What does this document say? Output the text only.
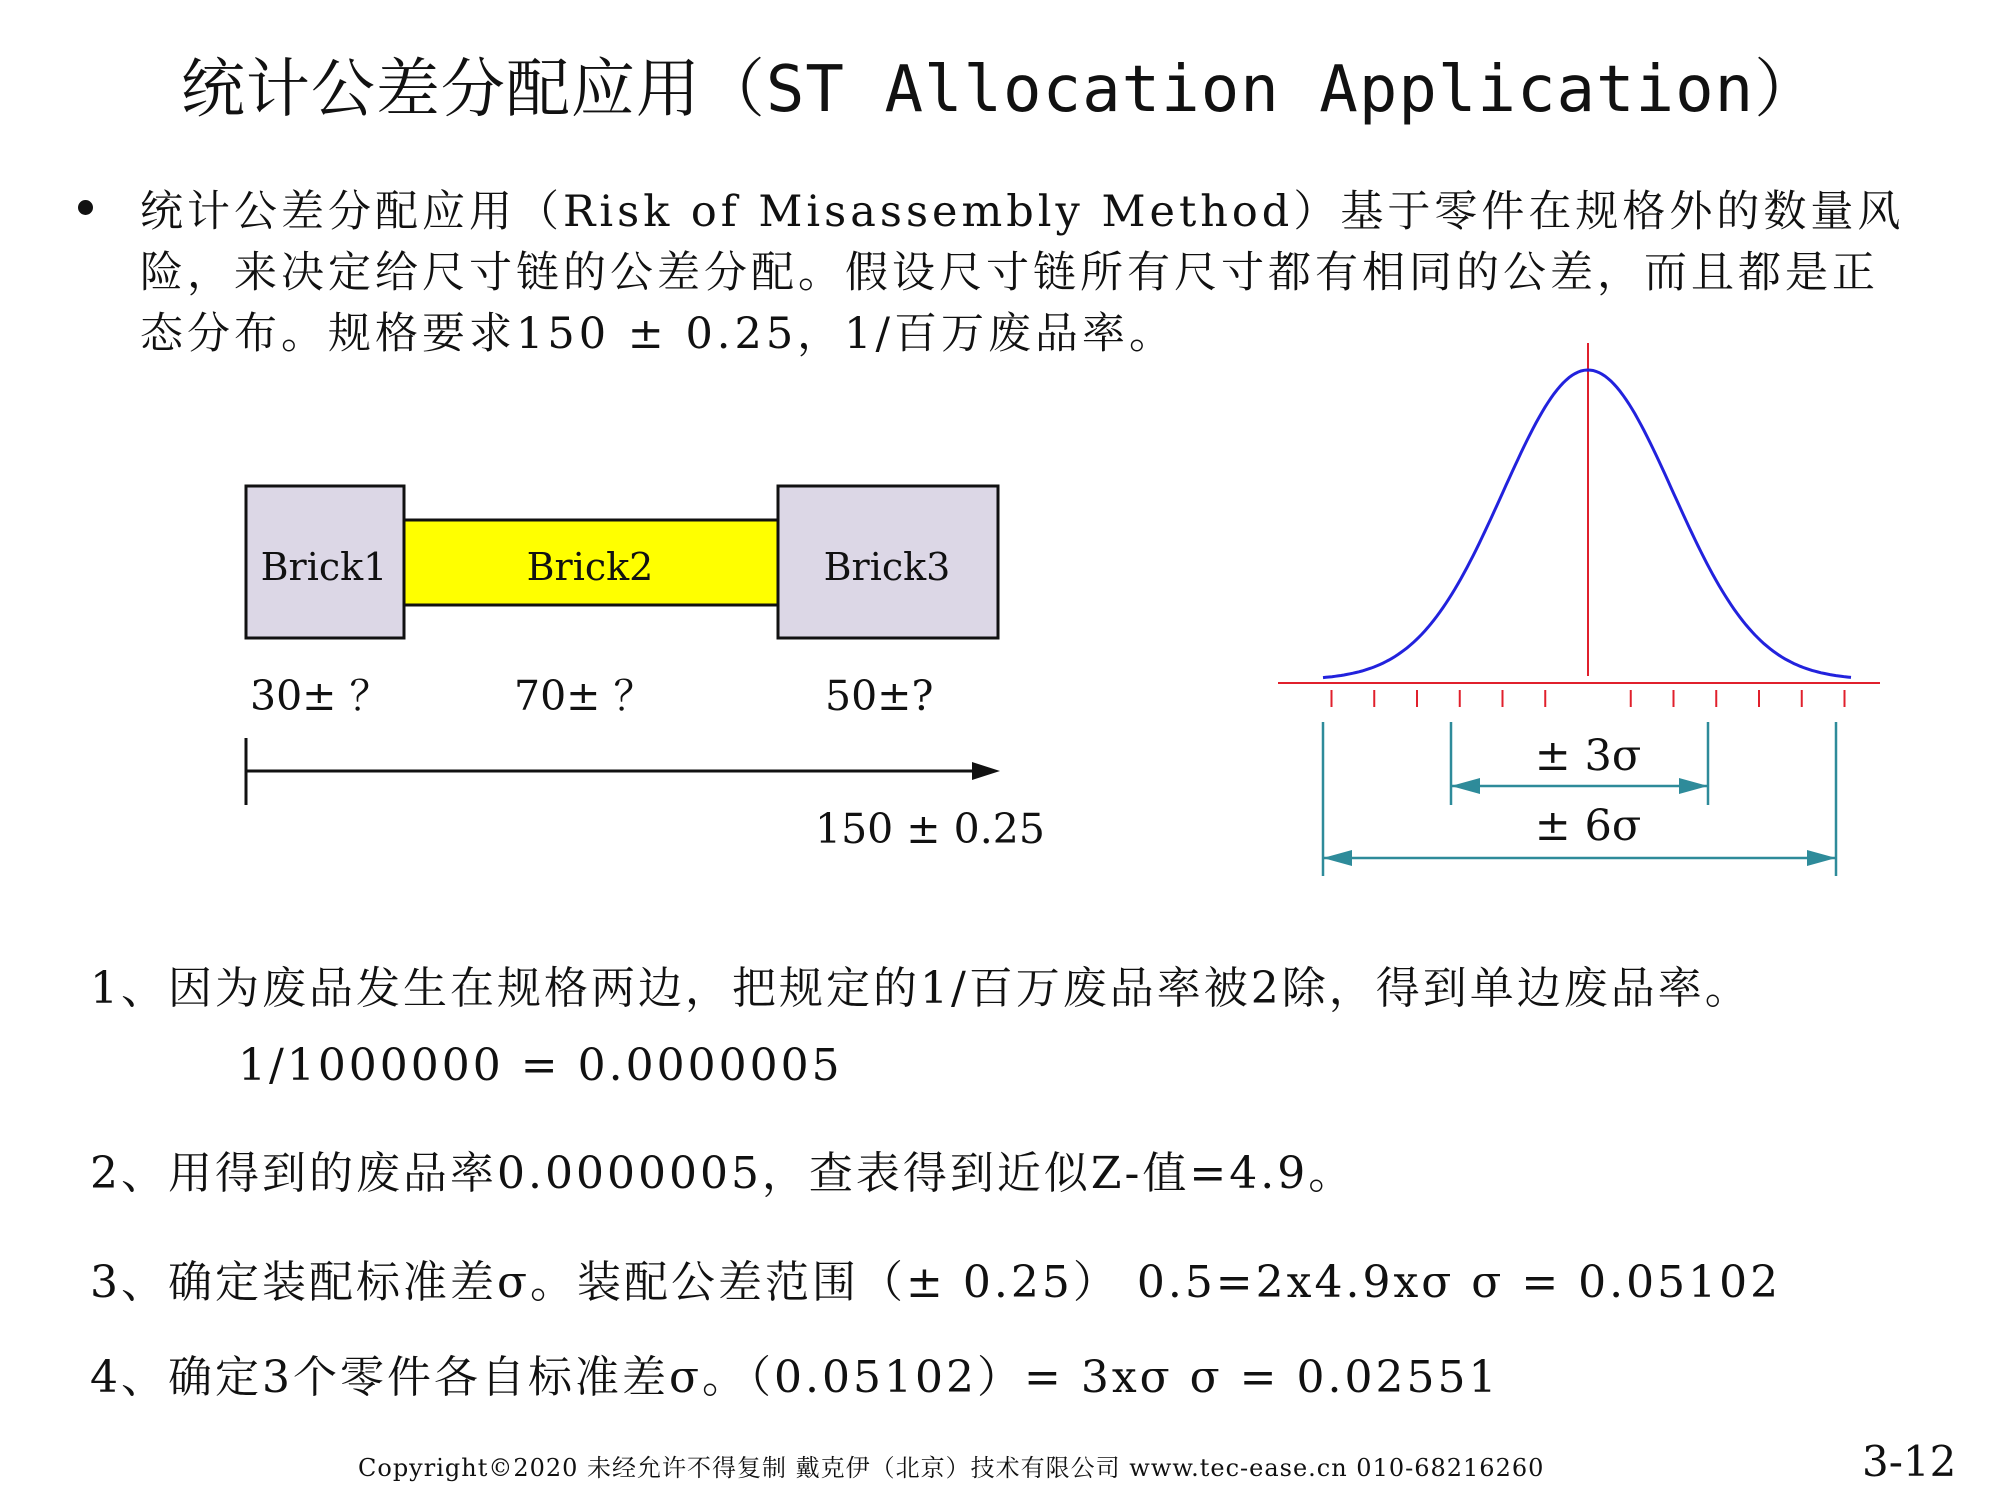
统计公差分配应用（ST Allocation Application）
统计公差分配应用（Risk of Misassembly Method）基于零件在规格外的数量风险，来决定给尺寸链的公差分配。假设尺寸链所有尺寸都有相同的公差，而且都是正态分布。规格要求150 ± 0.25，1/百万废品率。
Brick1	Brick2	Brick3
30± ？	70± ？	50±?
150 ± 0.25
± 3σ
± 6σ
1、因为废品发生在规格两边，把规定的1/百万废品率被2除，得到单边废品率。
1/1000000 = 0.0000005
2、用得到的废品率0.0000005，查表得到近似Z-值=4.9。
3、确定装配标准差σ。装配公差范围（± 0.25） 0.5=2x4.9xσ σ = 0.05102
4、确定3个零件各自标准差σ。（0.05102）= 3xσ σ = 0.02551
Copyright©2020 未经允许不得复制 戴克伊（北京）技术有限公司 www.tec-ease.cn 010-68216260	3-12
